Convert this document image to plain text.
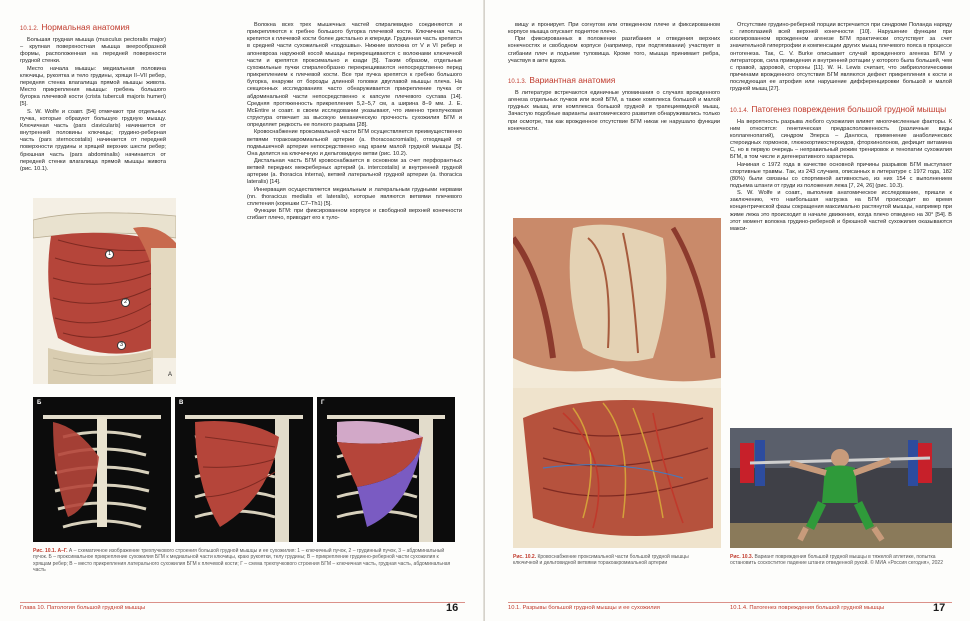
10.1.2. Нормальная анатомия

Большая грудная мышца (musculus pectoralis major) – крупная поверхностная мышца веерообразной формы, расположенная на передней поверхности грудной стенки.

Место начала мышцы: медиальная половина ключицы, рукоятка и тело грудины, хрящи II–VII ребер, передняя стенка влагалища прямой мышцы живота. Место прикрепления мышцы: гребень большого бугорка плечевой кости (crista tuberculi majoris humeri) [5].

S. W. Wolfe и соавт. [54] отмечают три отдельных пучка, которые образуют большую грудную мышцу. Ключичная часть (pars clavicularis) начинается от внутренней половины ключицы; грудино-реберная часть (pars sternocostalis) начинается от передней поверхности грудины и хрящей верхних шести ребер; брюшная часть (pars abdominalis) начинается от передней стенки влагалища прямой мышцы живота (рис. 10.1).

1
2
3
А

Волокна всех трех мышечных частей спиралевидно соединяются и прикрепляются к гребню большого бугорка плечевой кости. Ключичная часть крепится к плечевой кости более дистально и кпереди. Грудинная часть крепится в средней части сухожильной «подошвы». Нижние волокна от V и VI ребер и апоневроза наружной косой мышцы перекрещиваются с волокнами ключичной части и крепятся проксимально и кзади [5]. Таким образом, отдельные сухожильные пучки спиралеобразно перекрещиваются непосредственно перед прикреплением к плечевой кости. Все три пучка крепятся к гребню большого бугорка, кнаружи от борозды длинной головки двуглавой мышцы плеча. На секционных исследованиях часто обнаруживается прикрепление пучка от абдоминальной части непосредственно к капсуле плечевого сустава [14]. Средняя протяженность прикрепления 5,2–5,7 см, а ширина 8–9 мм. J. E. McEntire и соавт. в своем исследовании указывают, что именно трехпучковая структура отвечает за высокую механическую прочность сухожилия БГМ и определяет редкость ее полного разрыва [28].

Кровоснабжение проксимальной части БГМ осуществляется преимущественно ветвями торакоакромиальной артерии (a. thoracoacromialis), отходящей от подмышечной артерии непосредственно над краем малой грудной мышцы [5]. Она делится на ключичную и дельтовидную ветви (рис. 10.2).

Дистальная часть БГМ кровоснабжается в основном за счет перфорантных ветвей передних межреберных артерий (a. intercostalis) и внутренней грудной артерии (a. thoracica interna), ветвей латеральной грудной артерии (a. thoracica lateralis) [14].

Иннервация осуществляется медиальным и латеральным грудными нервами (nn. thoracicus medialis et lateralis), которые являются ветвями плечевого сплетения (корешки C7–Th1) [5].

Функции БГМ: при фиксированном корпусе и свободной верхней конечности сгибает плечо, приводит его к туло-

Б	В	Г
Рис. 10.1. А–Г. А – схематичное изображение трехпучкового строения большой грудной мышцы и ее сухожилия: 1 – ключичный пучок, 2 – грудинный пучок, 3 – абдоминальный пучок. Б – проксимальное прикрепление сухожилия БГМ к медиальной части ключицы, краю рукоятки, телу грудины; В – прикрепление грудинно-реберной части сухожилия к хрящам ребер; В – место прикрепления латерального сухожилия БГМ к плечевой кости; Г – схема трехпучкового строения БГМ – ключичная часть, грудная часть, абдоминальная часть
Глава 10. Патология большой грудной мышцы	16

вищу и пронирует. При согнутом или отведенном плече и фиксированном корпусе мышца опускает поднятое плечо.

При фиксированных в положении разгибания и отведения верхних конечностях и свободном корпусе (например, при подтягивании) участвует в сгибании плеч и подъеме туловища. Кроме того, мышца принимает ребра, участвуя в акте вдоха.

10.1.3. Вариантная анатомия

В литературе встречаются единичные упоминания о случаях врожденного агенеза отдельных пучков или всей БГМ, а также комплекса большой и малой грудных мышц или комплекса большой грудной и трапециевидной мышц. Зачастую подобные варианты анатомического развития обнаруживались только при осмотре, так как врожденное отсутствие БГМ никак не нарушало функции конечности.

Рис. 10.2. Кровоснабжение проксимальной части большой грудной мышцы ключичной и дельтовидной ветвями торакоакромиальной артерии

Отсутствие грудино-реберной порции встречается при синдроме Поланда наряду с гипоплазией всей верхней конечности [10]. Нарушение функции при изолированном врожденном агенезе БГМ практически отсутствует за счет значительной гипертрофии и компенсации других мышц плечевого пояса в процессе онтогенеза. Так, C. V. Burke описывает случай врожденного агенеза БГМ у литераторов, сила приведения и внутренней ротации у которого была большей, чем с правой, здоровой, стороны [11]. W. H. Lewis считает, что эмбриологическими причинами врожденного отсутствия БГМ являются дефект прикрепления к кости и последующая ее атрофия или нарушение дифференцировки большой и малой грудной мышц [27].

10.1.4. Патогенез повреждения большой грудной мышцы

На вероятность разрыва любого сухожилия влияет многочисленные факторы. К ним относятся: генетическая предрасположенность (различные виды коллагенопатий), синдром Элерса – Данлоса, применение анаболических стероидных гормонов, глюкокортикостероидов, фторхинолонов, дефицит витамина C, но в первую очередь – неправильный режим тренировок и тенопатии сухожилия БГМ, в том числе и дегенеративного характера.

Начиная с 1972 года в качестве основной причины разрывов БГМ выступают спортивные травмы. Так, из 243 случаев, описанных в литературе с 1972 года, 182 (80%) были связаны со спортивной активностью, из них 154 с выполнением подъема штанги от груди из положения лежа [7, 24, 26] (рис. 10.3).

S. W. Wolfe и соавт., выполнив анатомическое исследование, пришли к заключению, что наибольшая нагрузка на БГМ происходит во время концентрической фазы сокращения максимально растянутой мышцы, например при жиме лежа это происходит в начале движения, когда плечо отведено на 30° [54]. В этот момент волокна грудино-реберной и брюшной частей сухожилия оказываются макси-

Рис. 10.3. Вариант повреждения большой грудной мышцы в тяжелой атлетике, попытка остановить соскоститое падение штанги отведенной рукой. © МИА «Россия сегодня», 2022
10.1. Разрывы большой грудной мышцы и ее сухожилия	10.1.4. Патогенез повреждения большой грудной мышцы	17
